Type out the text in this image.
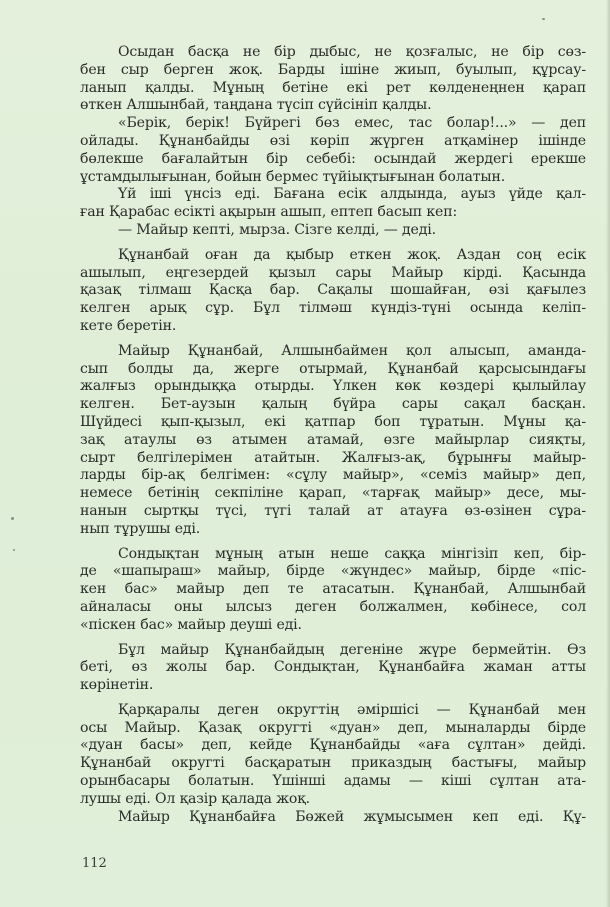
Осыдан басқа не бір дыбыс, не қозғалыс, не бір сөз-
бен сыр берген жоқ. Барды ішіне жиып, буылып, құрсау-
ланып қалды. Мұның бетіне екі рет көлденеңнен қарап
өткен Алшынбай, таңдана түсіп сүйсініп қалды.
«Берік, берік! Бүйрегі бөз емес, тас болар!...» — деп
ойлады. Құнанбайды өзі көріп жүрген атқамінер ішінде
бөлекше бағалайтын бір себебі: осындай жердегі ерекше
ұстамдылығынан, бойын бермес түйіықтығынан болатын.
Үй іші үнсіз еді. Бағана есік алдында, ауыз үйде қал-
ған Қарабас есікті ақырын ашып, ептеп басып кеп:
— Майыр кепті, мырза. Сізге келді, — деді.
Құнанбай оған да қыбыр еткен жоқ. Аздан соң есік
ашылып, еңгезердей қызыл сары Майыр кірді. Қасында
қазақ тілмаш Қасқа бар. Сақалы шошайған, өзі қағылез
келген арық сұр. Бұл тілмәш күндіз-түні осында келіп-
кете беретін.
Майыр Құнанбай, Алшынбаймен қол алысып, аманда-
сып болды да, жерге отырмай, Құнанбай қарсысындағы
жалғыз орындыққа отырды. Үлкен көк көздері қылыйлау
келген. Бет-аузын қалың бүйра сары сақал басқан.
Шүйдесі қып-қызыл, екі қатпар боп тұратын. Мұны қа-
зақ атаулы өз атымен атамай, өзге майырлар сияқты,
сырт белгілерімен атайтын. Жалғыз-ақ, бұрынғы майыр-
ларды бір-ақ белгімен: «сұлу майыр», «семіз майыр» деп,
немесе бетінің секпіліне қарап, «тарғақ майыр» десе, мы-
нанын сыртқы түсі, түгі талай ат атауға өз-өзінен сұра-
нып тұрушы еді.
Сондықтан мұның атын неше саққа мінгізіп кеп, бір-
де «шапыраш» майыр, бірде «жүндес» майыр, бірде «піс-
кен бас» майыр деп те атасатын. Құнанбай, Алшынбай
айналасы оны ылсыз деген болжалмен, көбінесе, сол
«піскен бас» майыр деуші еді.
Бұл майыр Құнанбайдың дегеніне жүре бермейтін. Өз
беті, өз жолы бар. Сондықтан, Құнанбайға жаман атты
көрінетін.
Қарқаралы деген округтің әміршісі — Құнанбай мен
осы Майыр. Қазақ округті «дуан» деп, мыналарды бірде
«дуан басы» деп, кейде Құнанбайды «аға сұлтан» дейді.
Құнанбай округті басқаратын приказдың бастығы, майыр
орынбасары болатын. Үшінші адамы — кіші сұлтан ата-
лушы еді. Ол қазір қалада жоқ.
Майыр Құнанбайға Бөжей жұмысымен кеп еді. Құ-
112
